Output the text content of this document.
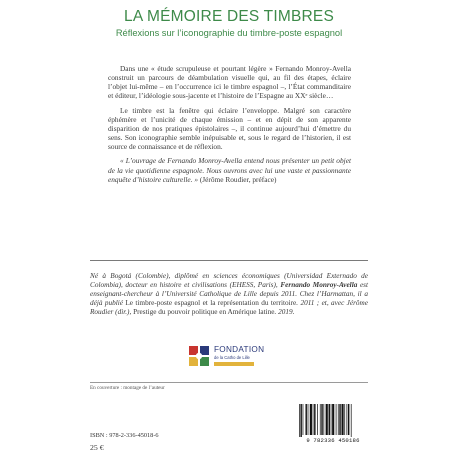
LA MÉMOIRE DES TIMBRES
Réflexions sur l’iconographie du timbre-poste espagnol

Dans une « étude scrupuleuse et pourtant légère » Fernando Monroy-Avella construit un parcours de déambulation visuelle qui, au fil des étapes, éclaire l’objet lui-même – en l’occurrence ici le timbre espagnol –, l’État commanditaire et éditeur, l’idéologie sous-jacente et l’histoire de l’Espagne au XXᵉ siècle…

Le timbre est la fenêtre qui éclaire l’enveloppe. Malgré son caractère éphémère et l’unicité de chaque émission – et en dépit de son apparente disparition de nos pratiques épistolaires –, il continue aujourd’hui d’émettre du sens. Son iconographie semble inépuisable et, sous le regard de l’historien, il est source de connaissance et de réflexion.

« L’ouvrage de Fernando Monroy-Avella entend nous présenter un petit objet de la vie quotidienne espagnole. Nous ouvrons avec lui une vaste et passionnante enquête d’histoire culturelle. » (Jérôme Roudier, préface)

Né à Bogotá (Colombie), diplômé en sciences économiques (Universidad Externado de Colombia), docteur en histoire et civilisations (EHESS, Paris), Fernando Monroy-Avella est enseignant-chercheur à l’Université Catholique de Lille depuis 2011. Chez l’Harmattan, il a déjà publié Le timbre-poste espagnol et la représentation du territoire. 2011 ; et, avec Jérôme Roudier (dir.), Prestige du pouvoir politique en Amérique latine. 2019.
FONDATION
de la Catho de Lille
En couverture : montage de l’auteur
ISBN : 978-2-336-45018-6
25 €
9 782336 450186
